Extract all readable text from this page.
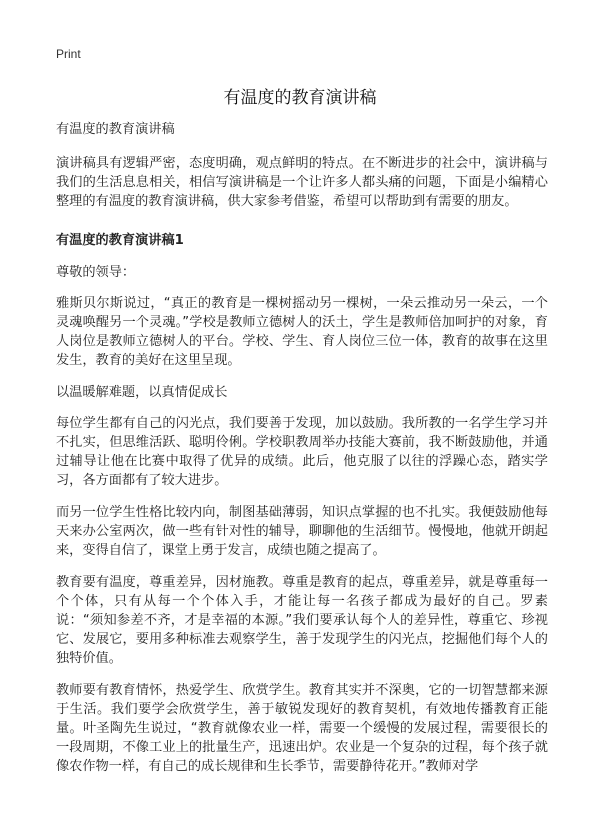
Print
有温度的教育演讲稿

有温度的教育演讲稿

演讲稿具有逻辑严密，态度明确，观点鲜明的特点。在不断进步的社会中，演讲稿与我们的生活息息相关，相信写演讲稿是一个让许多人都头痛的问题，下面是小编精心整理的有温度的教育演讲稿，供大家参考借鉴，希望可以帮助到有需要的朋友。

有温度的教育演讲稿1

尊敬的领导：

雅斯贝尔斯说过，“真正的教育是一棵树摇动另一棵树，一朵云推动另一朵云，一个灵魂唤醒另一个灵魂。”学校是教师立德树人的沃土，学生是教师倍加呵护的对象，育人岗位是教师立德树人的平台。学校、学生、育人岗位三位一体，教育的故事在这里发生，教育的美好在这里呈现。

以温暖解难题，以真情促成长

每位学生都有自己的闪光点，我们要善于发现，加以鼓励。我所教的一名学生学习并不扎实，但思维活跃、聪明伶俐。学校职教周举办技能大赛前，我不断鼓励他，并通过辅导让他在比赛中取得了优异的成绩。此后，他克服了以往的浮躁心态，踏实学习，各方面都有了较大进步。

而另一位学生性格比较内向，制图基础薄弱，知识点掌握的也不扎实。我便鼓励他每天来办公室两次，做一些有针对性的辅导，聊聊他的生活细节。慢慢地，他就开朗起来，变得自信了，课堂上勇于发言，成绩也随之提高了。

教育要有温度，尊重差异，因材施教。尊重是教育的起点，尊重差异，就是尊重每一个个体，只有从每一个个体入手，才能让每一名孩子都成为最好的自己。罗素说：“须知参差不齐，才是幸福的本源。”我们要承认每个人的差异性，尊重它、珍视它、发展它，要用多种标准去观察学生，善于发现学生的闪光点，挖掘他们每个人的独特价值。

教师要有教育情怀，热爱学生、欣赏学生。教育其实并不深奥，它的一切智慧都来源于生活。我们要学会欣赏学生，善于敏锐发现好的教育契机，有效地传播教育正能量。叶圣陶先生说过，“教育就像农业一样，需要一个缓慢的发展过程，需要很长的一段周期，不像工业上的批量生产，迅速出炉。农业是一个复杂的过程，每个孩子就像农作物一样，有自己的成长规律和生长季节，需要静待花开。”教师对学
